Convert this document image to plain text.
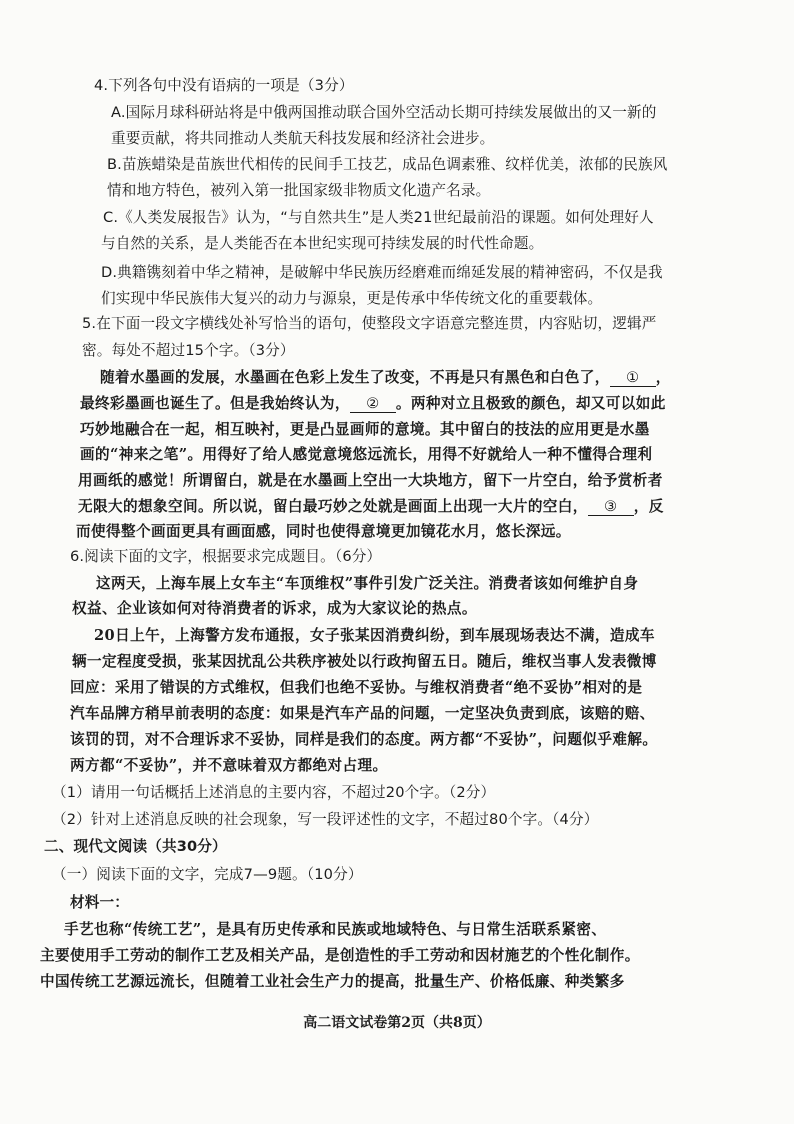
4.下列各句中没有语病的一项是（3分）
A.国际月球科研站将是中俄两国推动联合国外空活动长期可持续发展做出的又一新的
重要贡献，将共同推动人类航天科技发展和经济社会进步。
B.苗族蜡染是苗族世代相传的民间手工技艺，成品色调素雅、纹样优美，浓郁的民族风
情和地方特色，被列入第一批国家级非物质文化遗产名录。
C.《人类发展报告》认为，“与自然共生”是人类21世纪最前沿的课题。如何处理好人
与自然的关系，是人类能否在本世纪实现可持续发展的时代性命题。
D.典籍镌刻着中华之精神，是破解中华民族历经磨难而绵延发展的精神密码，不仅是我
们实现中华民族伟大复兴的动力与源泉，更是传承中华传统文化的重要载体。
5.在下面一段文字横线处补写恰当的语句，使整段文字语意完整连贯，内容贴切，逻辑严
密。每处不超过15个字。（3分）
随着水墨画的发展，水墨画在色彩上发生了改变，不再是只有黑色和白色了， ① ，
最终彩墨画也诞生了。但是我始终认为， ② 。两种对立且极致的颜色，却又可以如此
巧妙地融合在一起，相互映衬，更是凸显画师的意境。其中留白的技法的应用更是水墨
画的“神来之笔”。用得好了给人感觉意境悠远流长，用得不好就给人一种不懂得合理利
用画纸的感觉！所谓留白，就是在水墨画上空出一大块地方，留下一片空白，给予赏析者
无限大的想象空间。所以说，留白最巧妙之处就是画面上出现一大片的空白， ③ ，反
而使得整个画面更具有画面感，同时也使得意境更加镜花水月，悠长深远。
6.阅读下面的文字，根据要求完成题目。（6分）
这两天，上海车展上女车主“车顶维权”事件引发广泛关注。消费者该如何维护自身
权益、企业该如何对待消费者的诉求，成为大家议论的热点。
20日上午，上海警方发布通报，女子张某因消费纠纷，到车展现场表达不满，造成车
辆一定程度受损，张某因扰乱公共秩序被处以行政拘留五日。随后，维权当事人发表微博
回应：采用了错误的方式维权，但我们也绝不妥协。与维权消费者“绝不妥协”相对的是
汽车品牌方稍早前表明的态度：如果是汽车产品的问题，一定坚决负责到底，该赔的赔、
该罚的罚，对不合理诉求不妥协，同样是我们的态度。两方都“不妥协”，问题似乎难解。
两方都“不妥协”，并不意味着双方都绝对占理。
（1）请用一句话概括上述消息的主要内容，不超过20个字。（2分）
（2）针对上述消息反映的社会现象，写一段评述性的文字，不超过80个字。（4分）
二、现代文阅读（共30分）
（一）阅读下面的文字，完成7—9题。（10分）
材料一：
手艺也称“传统工艺”，是具有历史传承和民族或地域特色、与日常生活联系紧密、
主要使用手工劳动的制作工艺及相关产品，是创造性的手工劳动和因材施艺的个性化制作。
中国传统工艺源远流长，但随着工业社会生产力的提高，批量生产、价格低廉、种类繁多
高二语文试卷第2页（共8页）
